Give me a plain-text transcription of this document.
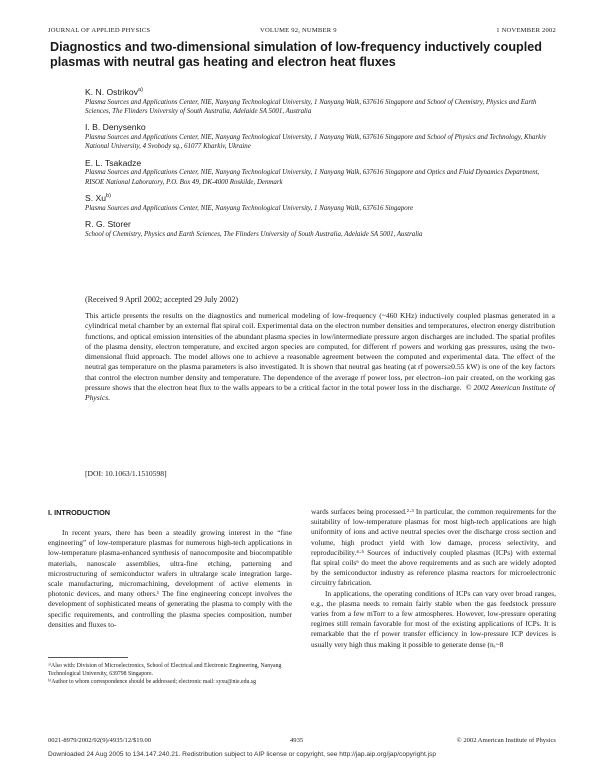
JOURNAL OF APPLIED PHYSICS	VOLUME 92, NUMBER 9	1 NOVEMBER 2002
Diagnostics and two-dimensional simulation of low-frequency inductively coupled plasmas with neutral gas heating and electron heat fluxes
K. N. Ostrikov$^{a)}$
Plasma Sources and Applications Center, NIE, Nanyang Technological University, 1 Nanyang Walk, 637616 Singapore and School of Chemistry, Physics and Earth Sciences, The Flinders University of South Australia, Adelaide SA 5001, Australia
I. B. Denysenko
Plasma Sources and Applications Center, NIE, Nanyang Technological University, 1 Nanyang Walk, 637616 Singapore and School of Physics and Technology, Kharkiv National University, 4 Svobody sq., 61077 Kharkiv, Ukraine
E. L. Tsakadze
Plasma Sources and Applications Center, NIE, Nanyang Technological University, 1 Nanyang Walk, 637616 Singapore and Optics and Fluid Dynamics Department, RISOE National Laboratory, P.O. Box 49, DK-4000 Roskilde, Denmark
S. Xu$^{b)}$
Plasma Sources and Applications Center, NIE, Nanyang Technological University, 1 Nanyang Walk, 637616 Singapore
R. G. Storer
School of Chemistry, Physics and Earth Sciences, The Flinders University of South Australia, Adelaide SA 5001, Australia
(Received 9 April 2002; accepted 29 July 2002)
This article presents the results on the diagnostics and numerical modeling of low-frequency (~460 KHz) inductively coupled plasmas generated in a cylindrical metal chamber by an external flat spiral coil. Experimental data on the electron number densities and temperatures, electron energy distribution functions, and optical emission intensities of the abundant plasma species in low/intermediate pressure argon discharges are included. The spatial profiles of the plasma density, electron temperature, and excited argon species are computed, for different rf powers and working gas pressures, using the two-dimensional fluid approach. The model allows one to achieve a reasonable agreement between the computed and experimental data. The effect of the neutral gas temperature on the plasma parameters is also investigated. It is shown that neutral gas heating (at rf powers≥0.55 kW) is one of the key factors that control the electron number density and temperature. The dependence of the average rf power loss, per electron–ion pair created, on the working gas pressure shows that the electron heat flux to the walls appears to be a critical factor in the total power loss in the discharge. © 2002 American Institute of Physics.
[DOI: 10.1063/1.1510598]
I. INTRODUCTION

In recent years, there has been a steadily growing interest in the “fine engineering” of low-temperature plasmas for numerous high-tech applications in low-temperature plasma-enhanced synthesis of nanocomposite and biocompatible materials, nanoscale assemblies, ultra-fine etching, patterning and microstructuring of semiconductor wafers in ultralarge scale integration large-scale manufacturing, micromachining, development of active elements in photonic devices, and many others.¹ The fine engineering concept involves the development of sophisticated means of generating the plasma to comply with the specific requirements, and controlling the plasma species composition, number densities and fluxes to-

wards surfaces being processed.²·³ In particular, the common requirements for the suitability of low-temperature plasmas for most high-tech applications are high uniformity of ions and active neutral species over the discharge cross section and volume, high product yield with low damage, process selectivity, and reproducibility.⁴·⁵ Sources of inductively coupled plasmas (ICPs) with external flat spiral coils⁶ do meet the above requirements and as such are widely adopted by the semiconductor industry as reference plasma reactors for microelectronic circuitry fabrication.

In applications, the operating conditions of ICPs can vary over broad ranges, e.g., the plasma needs to remain fairly stable when the gas feedstock pressure varies from a few mTorr to a few atmospheres. However, low-pressure operating regimes still remain favorable for most of the existing applications of ICPs. It is remarkable that the rf power transfer efficiency in low-pressure ICP devices is usually very high thus making it possible to generate dense (nₑ~8

ᵃ⁾Also with: Division of Microelectronics, School of Electrical and Electronic Engineering, Nanyang Technological University, 639798 Singapore.

ᵇ⁾Author to whom correspondence should be addressed; electronic mail: syxu@nie.edu.sg

0021-8979/2002/92(9)/4935/12/$19.00	4935	© 2002 American Institute of Physics
Downloaded 24 Aug 2005 to 134.147.240.21. Redistribution subject to AIP license or copyright, see http://jap.aip.org/jap/copyright.jsp
